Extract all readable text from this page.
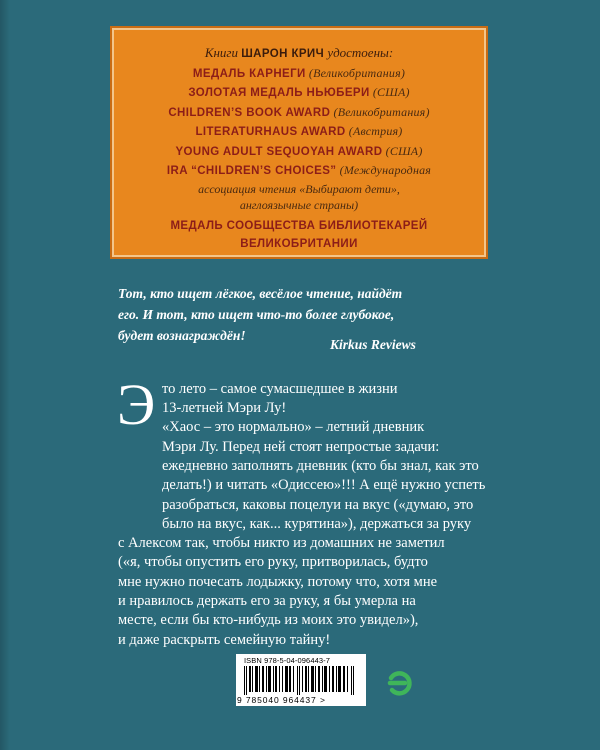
Книги ШАРОН КРИЧ удостоены:
МЕДАЛЬ КАРНЕГИ (Великобритания)
ЗОЛОТАЯ МЕДАЛЬ НЬЮБЕРИ (США)
CHILDREN’S BOOK AWARD (Великобритания)
LITERATURHAUS AWARD (Австрия)
YOUNG ADULT SEQUOYAH AWARD (США)
IRA “CHILDREN’S CHOICES” (Международная
ассоциация чтения «Выбирают дети»,
англоязычные страны)
МЕДАЛЬ СООБЩЕСТВА БИБЛИОТЕКАРЕЙ
ВЕЛИКОБРИТАНИИ
Тот, кто ищет лёгкое, весёлое чтение, найдёт
его. И тот, кто ищет что-то более глубокое,
будет вознаграждён!
Kirkus Reviews
Э то лето – самое сумасшедшее в жизни
13-летней Мэри Лу!
«Хаос – это нормально» – летний дневник
Мэри Лу. Перед ней стоят непростые задачи:
ежедневно заполнять дневник (кто бы знал, как это
делать!) и читать «Одиссею»!!! А ещё нужно успеть
разобраться, каковы поцелуи на вкус («думаю, это
было на вкус, как... курятина»), держаться за руку
с Алексом так, чтобы никто из домашних не заметил
(«я, чтобы опустить его руку, притворилась, будто
мне нужно почесать лодыжку, потому что, хотя мне
и нравилось держать его за руку, я бы умерла на
месте, если бы кто-нибудь из моих это увидел»),
и даже раскрыть семейную тайну!
ISBN 978-5-04-096443-7
9 785040 964437 >
